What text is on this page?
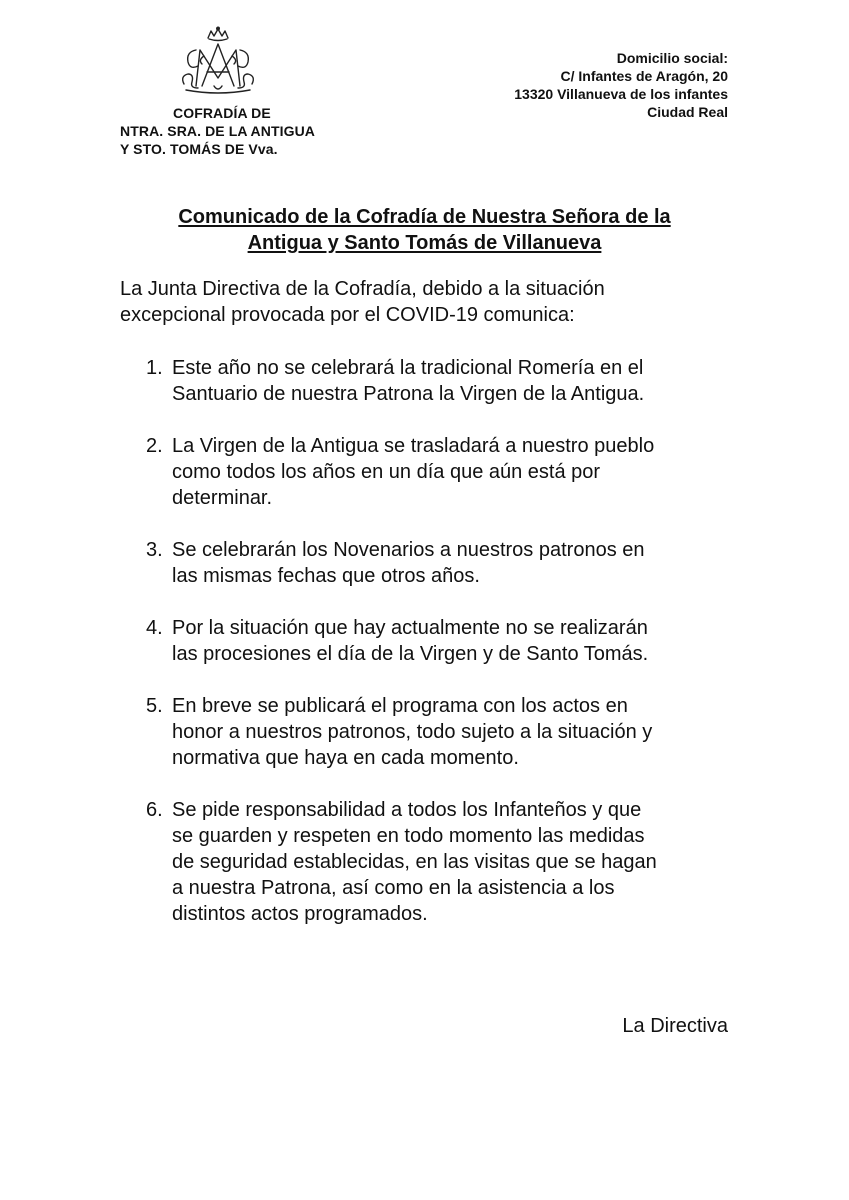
COFRADÍA DE
NTRA. SRA. DE LA ANTIGUA
Y STO. TOMÁS DE Vva.
Domicilio social:
C/ Infantes de Aragón, 20
13320 Villanueva de los infantes
Ciudad Real
Comunicado de la Cofradía de Nuestra Señora de la
Antigua y Santo Tomás de Villanueva
La Junta Directiva de la Cofradía, debido a la situación
excepcional provocada por el COVID-19 comunica:
1. Este año no se celebrará la tradicional Romería en el
Santuario de nuestra Patrona la Virgen de la Antigua.
2. La Virgen de la Antigua se trasladará a nuestro pueblo
como todos los años en un día que aún está por
determinar.
3. Se celebrarán los Novenarios a nuestros patronos en
las mismas fechas que otros años.
4. Por la situación que hay actualmente no se realizarán
las procesiones el día de la Virgen y de Santo Tomás.
5. En breve se publicará el programa con los actos en
honor a nuestros patronos, todo sujeto a la situación y
normativa que haya en cada momento.
6. Se pide responsabilidad a todos los Infanteños y que
se guarden y respeten en todo momento las medidas
de seguridad establecidas, en las visitas que se hagan
a nuestra Patrona, así como en la asistencia a los
distintos actos programados.
La Directiva
